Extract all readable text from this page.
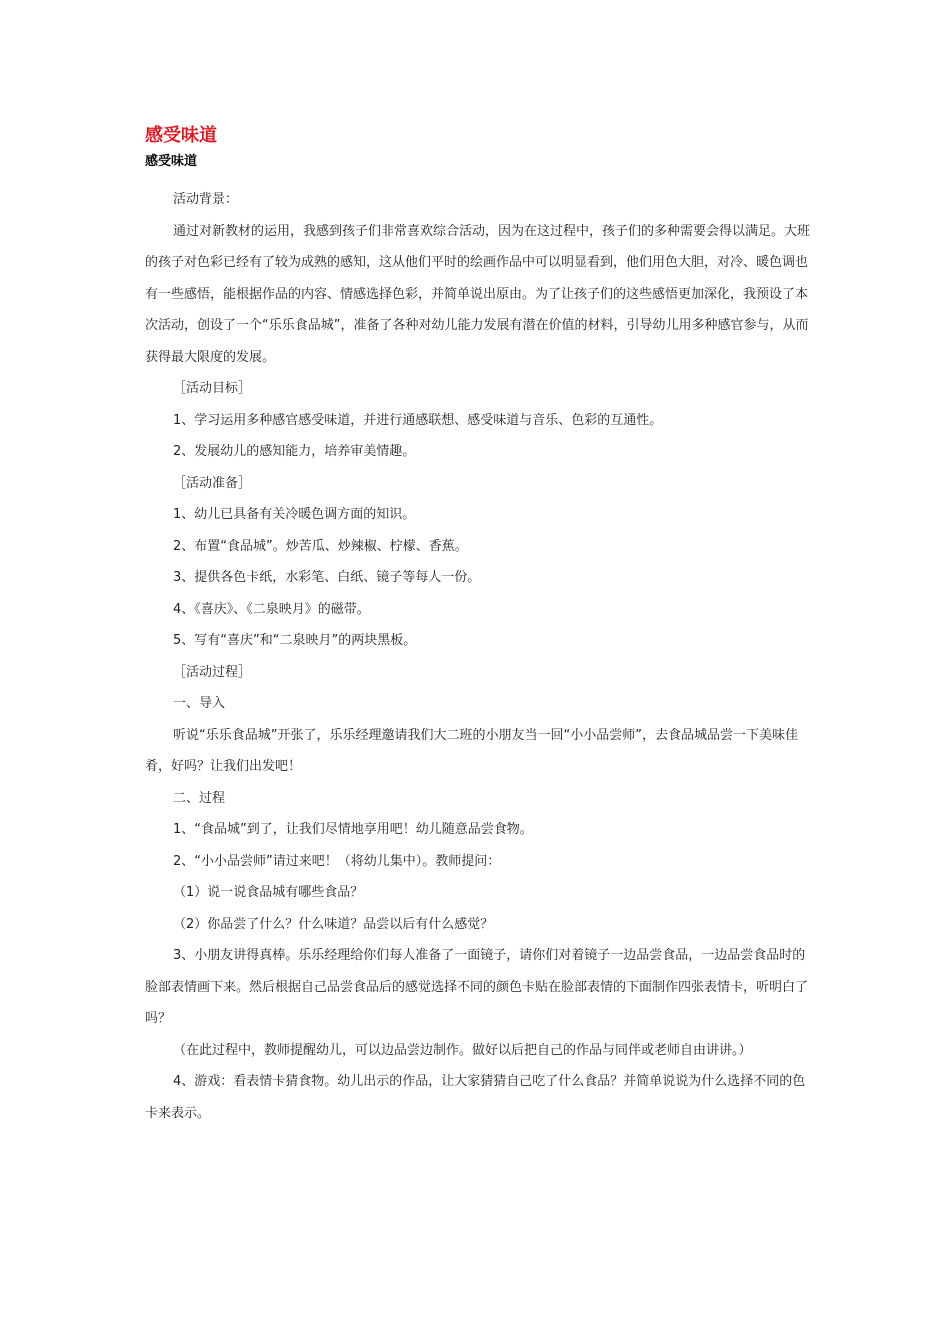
感受味道
感受味道

活动背景：

通过对新教材的运用，我感到孩子们非常喜欢综合活动，因为在这过程中，孩子们的多种需要会得以满足。大班的孩子对色彩已经有了较为成熟的感知，这从他们平时的绘画作品中可以明显看到，他们用色大胆，对冷、暖色调也有一些感悟，能根据作品的内容、情感选择色彩，并简单说出原由。为了让孩子们的这些感悟更加深化，我预设了本次活动，创设了一个“乐乐食品城”，准备了各种对幼儿能力发展有潜在价值的材料，引导幼儿用多种感官参与，从而获得最大限度的发展。

［活动目标］

1、学习运用多种感官感受味道，并进行通感联想、感受味道与音乐、色彩的互通性。

2、发展幼儿的感知能力，培养审美情趣。

［活动准备］

1、幼儿已具备有关冷暖色调方面的知识。

2、布置“食品城”。炒苦瓜、炒辣椒、柠檬、香蕉。

3、提供各色卡纸，水彩笔、白纸、镜子等每人一份。

4、《喜庆》、《二泉映月》的磁带。

5、写有“喜庆”和“二泉映月”的两块黑板。

［活动过程］

一、导入

听说“乐乐食品城”开张了，乐乐经理邀请我们大二班的小朋友当一回“小小品尝师”，去食品城品尝一下美味佳肴，好吗？让我们出发吧！

二、过程

1、“食品城”到了，让我们尽情地享用吧！幼儿随意品尝食物。

2、“小小品尝师”请过来吧！（将幼儿集中）。教师提问：

（1）说一说食品城有哪些食品？

（2）你品尝了什么？什么味道？品尝以后有什么感觉？

3、小朋友讲得真棒。乐乐经理给你们每人准备了一面镜子，请你们对着镜子一边品尝食品，一边品尝食品时的脸部表情画下来。然后根据自己品尝食品后的感觉选择不同的颜色卡贴在脸部表情的下面制作四张表情卡，听明白了吗？

（在此过程中，教师提醒幼儿，可以边品尝边制作。做好以后把自己的作品与同伴或老师自由讲讲。）

4、游戏：看表情卡猜食物。幼儿出示的作品，让大家猜猜自己吃了什么食品？并简单说说为什么选择不同的色卡来表示。
